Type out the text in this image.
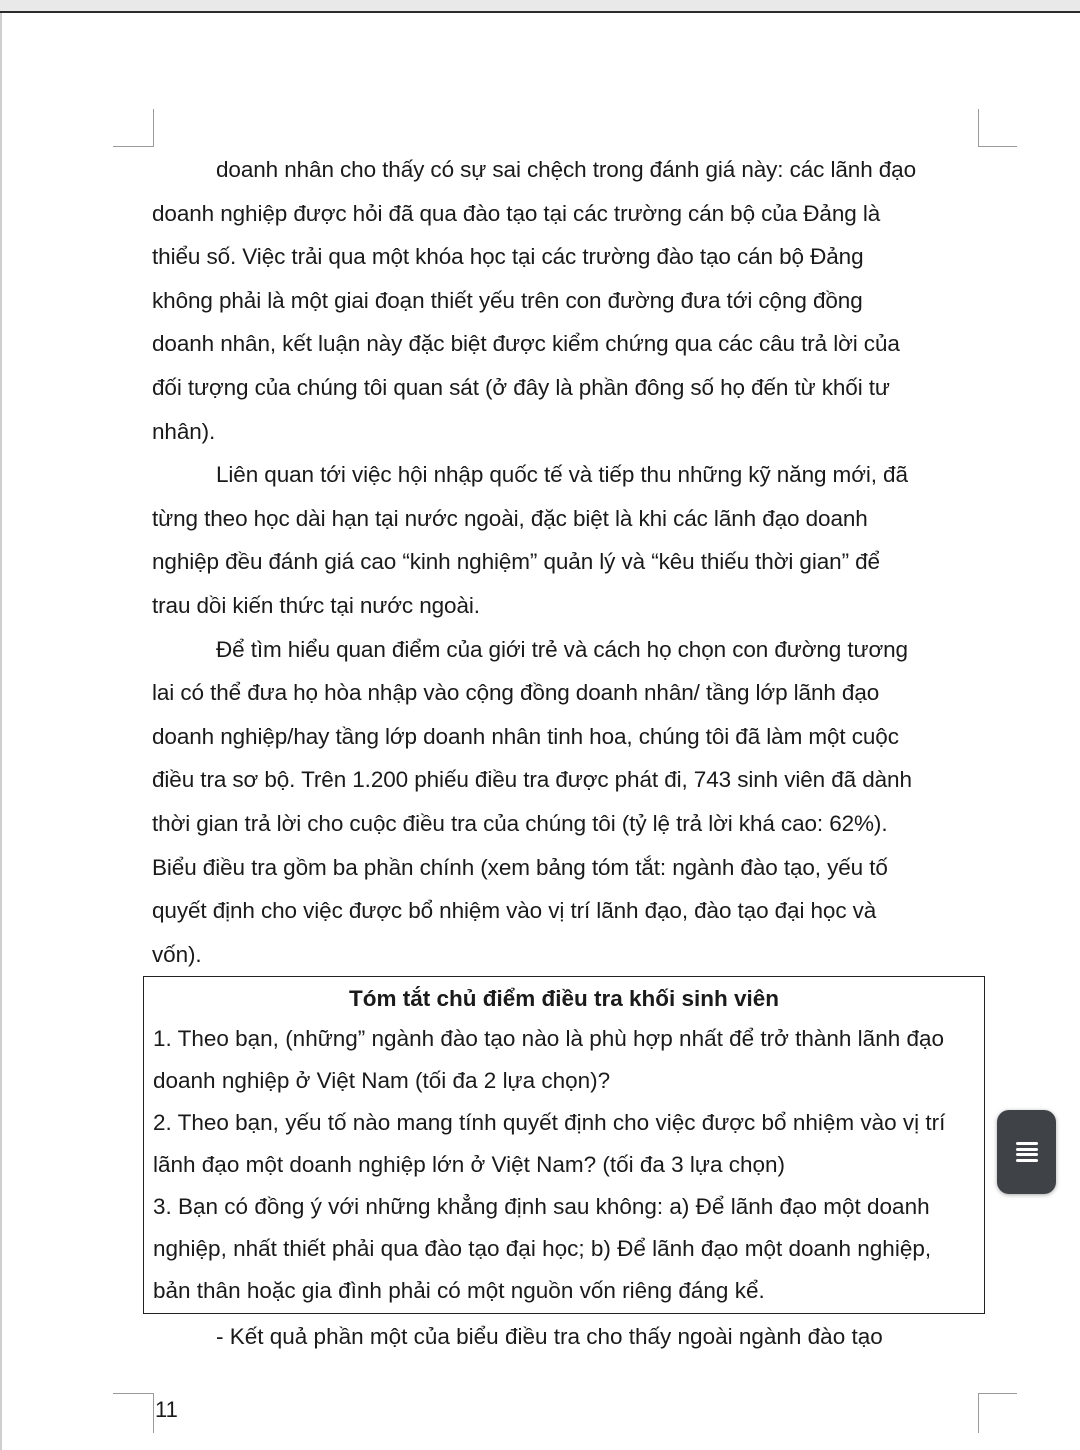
doanh nhân cho thấy có sự sai chệch trong đánh giá này: các lãnh đạo
doanh nghiệp được hỏi đã qua đào tạo tại các trường cán bộ của Đảng là
thiểu số. Việc trải qua một khóa học tại các trường đào tạo cán bộ Đảng
không phải là một giai đoạn thiết yếu trên con đường đưa tới cộng đồng
doanh nhân, kết luận này đặc biệt được kiểm chứng qua các câu trả lời của
đối tượng của chúng tôi quan sát (ở đây là phần đông số họ đến từ khối tư
nhân).
Liên quan tới việc hội nhập quốc tế và tiếp thu những kỹ năng mới, đã
từng theo học dài hạn tại nước ngoài, đặc biệt là khi các lãnh đạo doanh
nghiệp đều đánh giá cao “kinh nghiệm” quản lý và “kêu thiếu thời gian” để
trau dồi kiến thức tại nước ngoài.
Để tìm hiểu quan điểm của giới trẻ và cách họ chọn con đường tương
lai có thể đưa họ hòa nhập vào cộng đồng doanh nhân/ tầng lớp lãnh đạo
doanh nghiệp/hay tầng lớp doanh nhân tinh hoa, chúng tôi đã làm một cuộc
điều tra sơ bộ. Trên 1.200 phiếu điều tra được phát đi, 743 sinh viên đã dành
thời gian trả lời cho cuộc điều tra của chúng tôi (tỷ lệ trả lời khá cao: 62%).
Biểu điều tra gồm ba phần chính (xem bảng tóm tắt: ngành đào tạo, yếu tố
quyết định cho việc được bổ nhiệm vào vị trí lãnh đạo, đào tạo đại học và
vốn).
Tóm tắt chủ điểm điều tra khối sinh viên
1. Theo bạn, (những” ngành đào tạo nào là phù hợp nhất để trở thành lãnh đạo
doanh nghiệp ở Việt Nam (tối đa 2 lựa chọn)?
2. Theo bạn, yếu tố nào mang tính quyết định cho việc được bổ nhiệm vào vị trí
lãnh đạo một doanh nghiệp lớn ở Việt Nam? (tối đa 3 lựa chọn)
3. Bạn có đồng ý với những khẳng định sau không: a) Để lãnh đạo một doanh
nghiệp, nhất thiết phải qua đào tạo đại học; b) Để lãnh đạo một doanh nghiệp,
bản thân hoặc gia đình phải có một nguồn vốn riêng đáng kể.
- Kết quả phần một của biểu điều tra cho thấy ngoài ngành đào tạo
11
